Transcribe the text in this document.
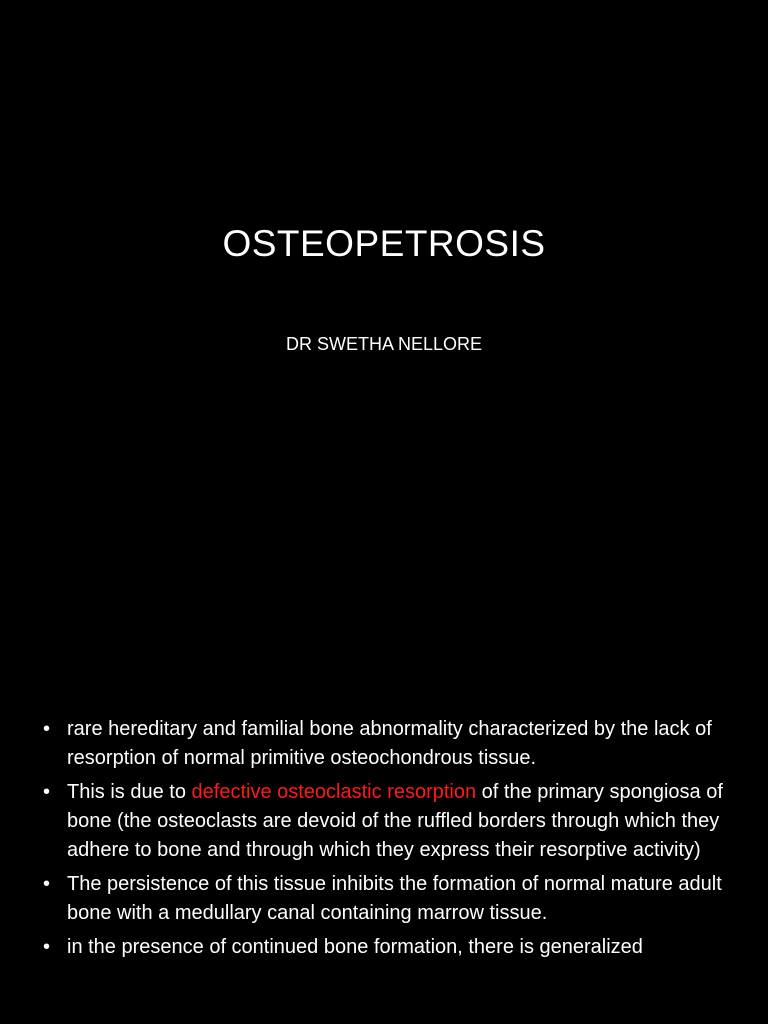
OSTEOPETROSIS
DR SWETHA NELLORE
• rare hereditary and familial bone abnormality characterized by the lack of resorption of normal primitive osteochondrous tissue.
• This is due to defective osteoclastic resorption of the primary spongiosa of bone (the osteoclasts are devoid of the ruffled borders through which they adhere to bone and through which they express their resorptive activity)
• The persistence of this tissue inhibits the formation of normal mature adult bone with a medullary canal containing marrow tissue.
• in the presence of continued bone formation, there is generalized
